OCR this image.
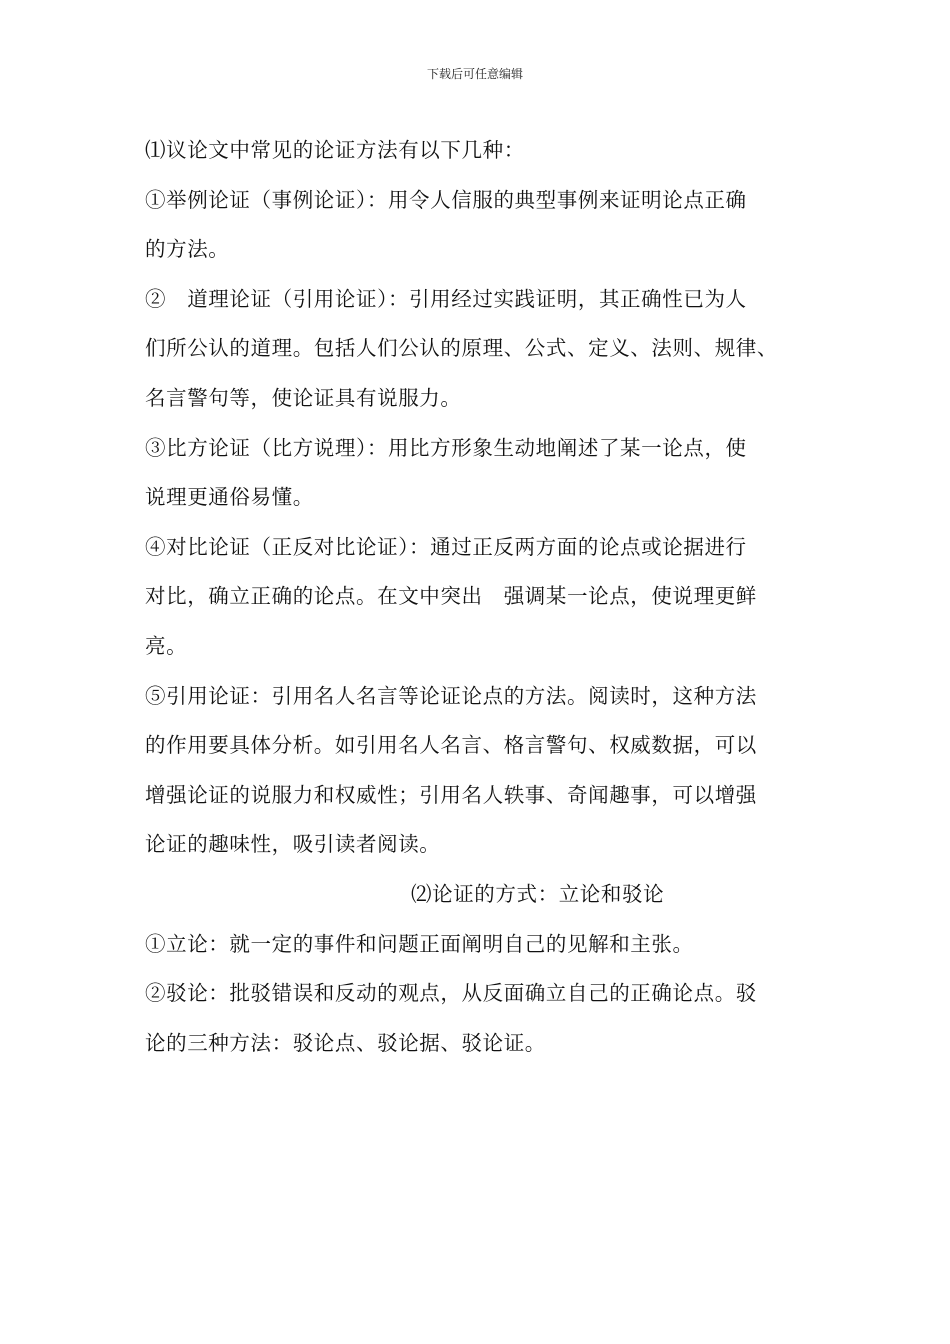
下载后可任意编辑
⑴议论文中常见的论证方法有以下几种：
①举例论证（事例论证）：用令人信服的典型事例来证明论点正确
的方法。
②　道理论证（引用论证）：引用经过实践证明，其正确性已为人
们所公认的道理。包括人们公认的原理、公式、定义、法则、规律、
名言警句等，使论证具有说服力。
③比方论证（比方说理）：用比方形象生动地阐述了某一论点，使
说理更通俗易懂。
④对比论证（正反对比论证）：通过正反两方面的论点或论据进行
对比，确立正确的论点。在文中突出　强调某一论点，使说理更鲜
亮。
⑤引用论证：引用名人名言等论证论点的方法。阅读时，这种方法
的作用要具体分析。如引用名人名言、格言警句、权威数据，可以
增强论证的说服力和权威性；引用名人轶事、奇闻趣事，可以增强
论证的趣味性，吸引读者阅读。
⑵论证的方式：立论和驳论
①立论：就一定的事件和问题正面阐明自己的见解和主张。
②驳论：批驳错误和反动的观点，从反面确立自己的正确论点。驳
论的三种方法：驳论点、驳论据、驳论证。
